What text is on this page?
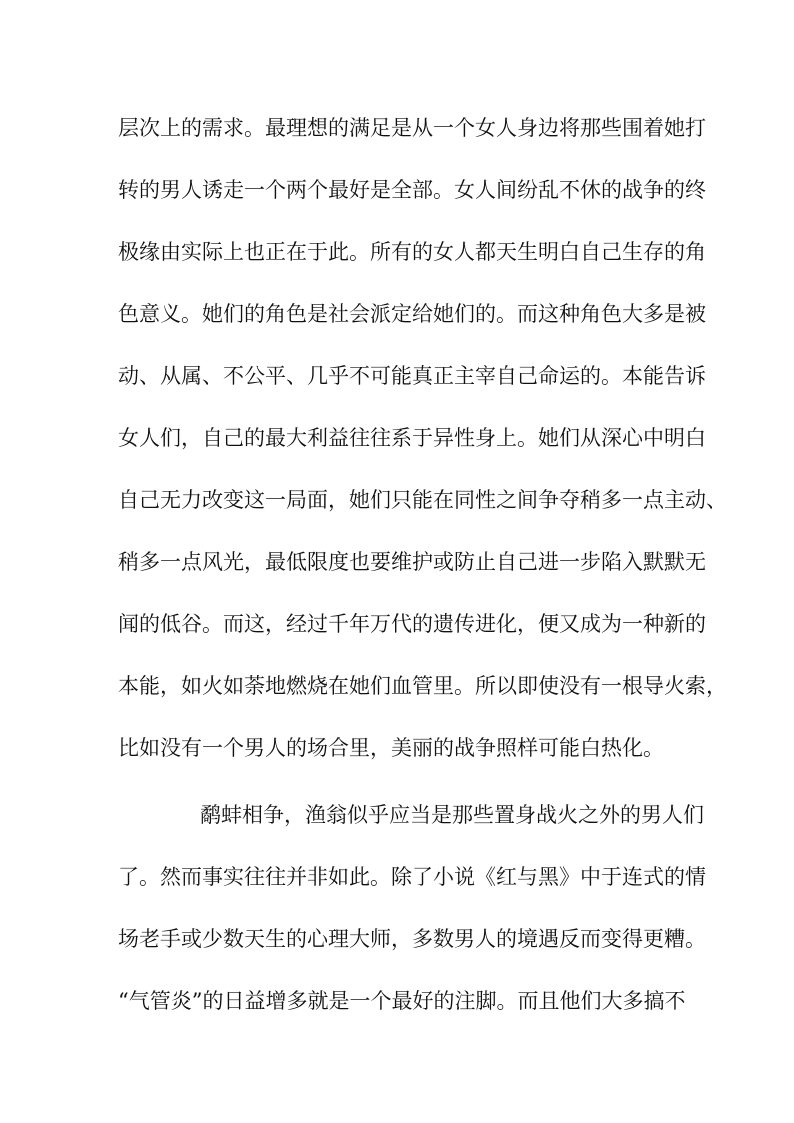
层次上的需求。最理想的满足是从一个女人身边将那些围着她打
转的男人诱走一个两个最好是全部。女人间纷乱不休的战争的终
极缘由实际上也正在于此。所有的女人都天生明白自己生存的角
色意义。她们的角色是社会派定给她们的。而这种角色大多是被
动、从属、不公平、几乎不可能真正主宰自己命运的。本能告诉
女人们，自己的最大利益往往系于异性身上。她们从深心中明白
自己无力改变这一局面，她们只能在同性之间争夺稍多一点主动、
稍多一点风光，最低限度也要维护或防止自己进一步陷入默默无
闻的低谷。而这，经过千年万代的遗传进化，便又成为一种新的
本能，如火如荼地燃烧在她们血管里。所以即使没有一根导火索，
比如没有一个男人的场合里，美丽的战争照样可能白热化。
鹬蚌相争，渔翁似乎应当是那些置身战火之外的男人们
了。然而事实往往并非如此。除了小说《红与黑》中于连式的情
场老手或少数天生的心理大师，多数男人的境遇反而变得更糟。
“气管炎”的日益增多就是一个最好的注脚。而且他们大多搞不
